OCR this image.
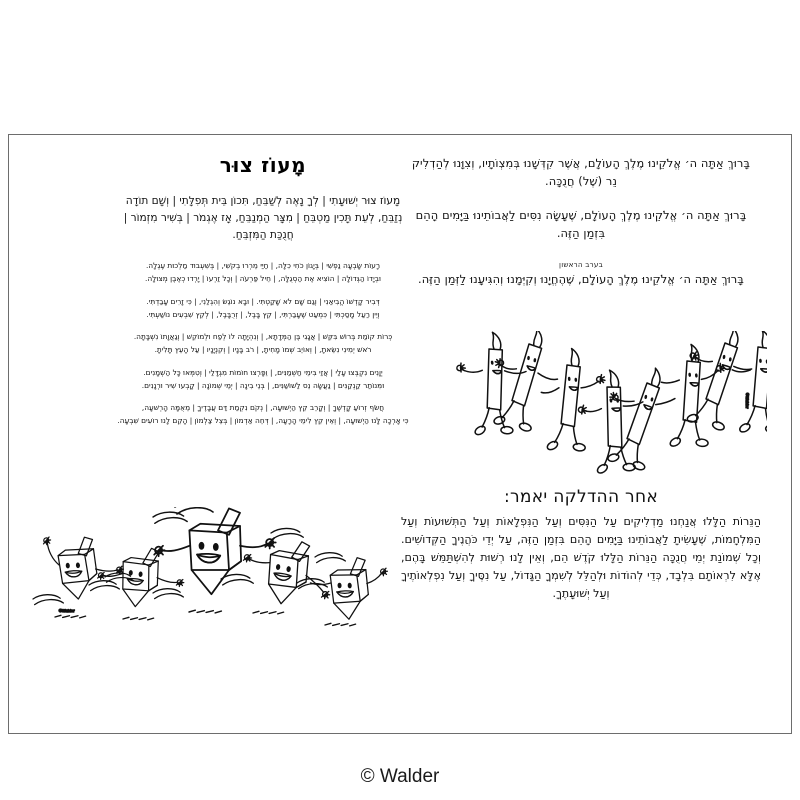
בָּרוּךְ אַתָּה ה׳ אֱלֹקֵינוּ מֶלֶךְ הָעוֹלָם, אֲשֶׁר קִדְּשָׁנוּ בְּמִצְוֹתָיו, וְצִוָּנוּ לְהַדְלִיק נֵר (שֶׁל) חֲנֻכָּה.
בָּרוּךְ אַתָּה ה׳ אֱלֹקֵינוּ מֶלֶךְ הָעוֹלָם, שֶׁעָשָׂה נִסִּים לַאֲבוֹתֵינוּ בַּיָּמִים הָהֵם בִּזְמַן הַזֶּה.
בערב הראשון
בָּרוּךְ אַתָּה ה׳ אֱלֹקֵינוּ מֶלֶךְ הָעוֹלָם, שֶׁהֶחֱיָנוּ וְקִיְּמָנוּ וְהִגִּיעָנוּ לַזְּמַן הַזֶּה.
©Walder
אחר ההדלקה יאמר:
הַנֵּרוֹת הַלָּלוּ אֲנַחְנוּ מַדְלִיקִים עַל הַנִּסִּים וְעַל הַנִּפְלָאוֹת וְעַל הַתְּשׁוּעוֹת וְעַל הַמִּלְחָמוֹת, שֶׁעָשִׂיתָ לַאֲבוֹתֵינוּ בַּיָּמִים הָהֵם בִּזְמַן הַזֶּה, עַל יְדֵי כֹּהֲנֶיךָ הַקְּדוֹשִׁים. וְכָל שְׁמוֹנַת יְמֵי חֲנֻכָּה הַנֵּרוֹת הַלָּלוּ קֹדֶשׁ הֵם, וְאֵין לָנוּ רְשׁוּת לְהִשְׁתַּמֵּשׁ בָּהֶם, אֶלָּא לִרְאוֹתָם בִּלְבָד, כְּדֵי לְהוֹדוֹת וּלְהַלֵּל לְשִׁמְךָ הַגָּדוֹל, עַל נִסֶּיךָ וְעַל נִפְלְאוֹתֶיךָ וְעַל יְשׁוּעָתֶךָ.
מָעוֹז צוּר
מָעוֹז צוּר יְשׁוּעָתִי | לְךָ נָאֶה לְשַׁבֵּחַ, תִּכוֹן בֵּית תְּפִלָּתִי | וְשָׁם תוֹדָה נְזַבֵּחַ, לְעֵת תָּכִין מַטְבֵּחַ | מִצָּר הַמְנַבֵּחַ, אָז אֶגְמֹר | בְּשִׁיר מִזְמוֹר | חֲנֻכַּת הַמִּזְבֵּחַ.
רָעוֹת שָׂבְעָה נַפְשִׁי | בְּיָגוֹן כֹחִי כִלָּה, | חַיַּי מֵרְרוּ בְקֹשִׁי, | בְּשִׁעְבוּד מַלְכוּת עֶגְלָה.
וּבְיָדוֹ הַגְּדוֹלָה | הוֹצִיא אֶת הַסְגֻלָּה, | חֵיל פַּרְעֹה | וְכָל זַרְעוֹ | יָרְדוּ כְאֶבֶן מְצוּלָה.
דְּבִיר קָדְשׁוֹ הֱבִיאַנִי | וְגַם שָׁם לֹא שָׁקַטְתִּי. | וּבָא נוֹגֵשׂ וְהִגְלַנִי, | כִּי זָרִים עָבַדְתִּי.
וְיֵין רַעַל מָסַכְתִּי | כִּמְעַט שֶׁעָבַרְתִּי, | קֵץ בָּבֶל, | זְרֻבָּבֶל, | לְקֵץ שִׁבְעִים נוֹשַׁעְתִּי.
כְּרוֹת קוֹמַת בְּרוֹשׁ בִּקֵּשׁ | אֲגָגִי בֶּן הַמְּדָתָא, | וְנִהְיָתָה לוֹ לְפַח וּלְמוֹקֵשׁ | וְגַאֲוָתוֹ נִשְׁבָּתָה.
רֹאשׁ יְמִינִי נִשֵּׂאתָ, | וְאוֹיֵב שְׁמוֹ מָחִיתָ, | רֹב בָּנָיו | וְקִנְיָנָיו | עַל הָעֵץ תָּלִיתָ.
יְוָנִים נִקְבְּצוּ עָלַי | אֲזַי בִּימֵי חַשְׁמַנִּים, | וֵפָּרְצוּ חוֹמוֹת מִגְדָּלַי | וְטִמְּאוּ כָּל הַשְׁמָנִים.
וּמִּנוֹתַר קַנְקַנִּים | נַעֲשָׂה נֵס לַשׁוֹשַׁנִּים, | בְּנֵי בִינָה | יְמֵי שְׁמוֹנָה | קָבְעוּ שִׁיר וּרְנָנִים.
חֲשֹׂף זְרוֹעַ קָדְשֶׁךָ | וְקָרֵב קֵץ הַיְשׁוּעָה, | נְקֹם נִקְמַת דַּם עֲבָדֶיךָ | מֵאֻמָּה הָרְשׁעָה,
כִּי אָרְכָה לָּנוּ הַיְשׁוּעָה, | וְאֵין קֵץ לִימֵי הָרָעָה, | דְּחֵה אַדְמוֹן | בְּצֵל צַלְמוֹן | הָקֵם לָנוּ רוֹעִים שִׁבְעָה.
©Walder
© Walder
